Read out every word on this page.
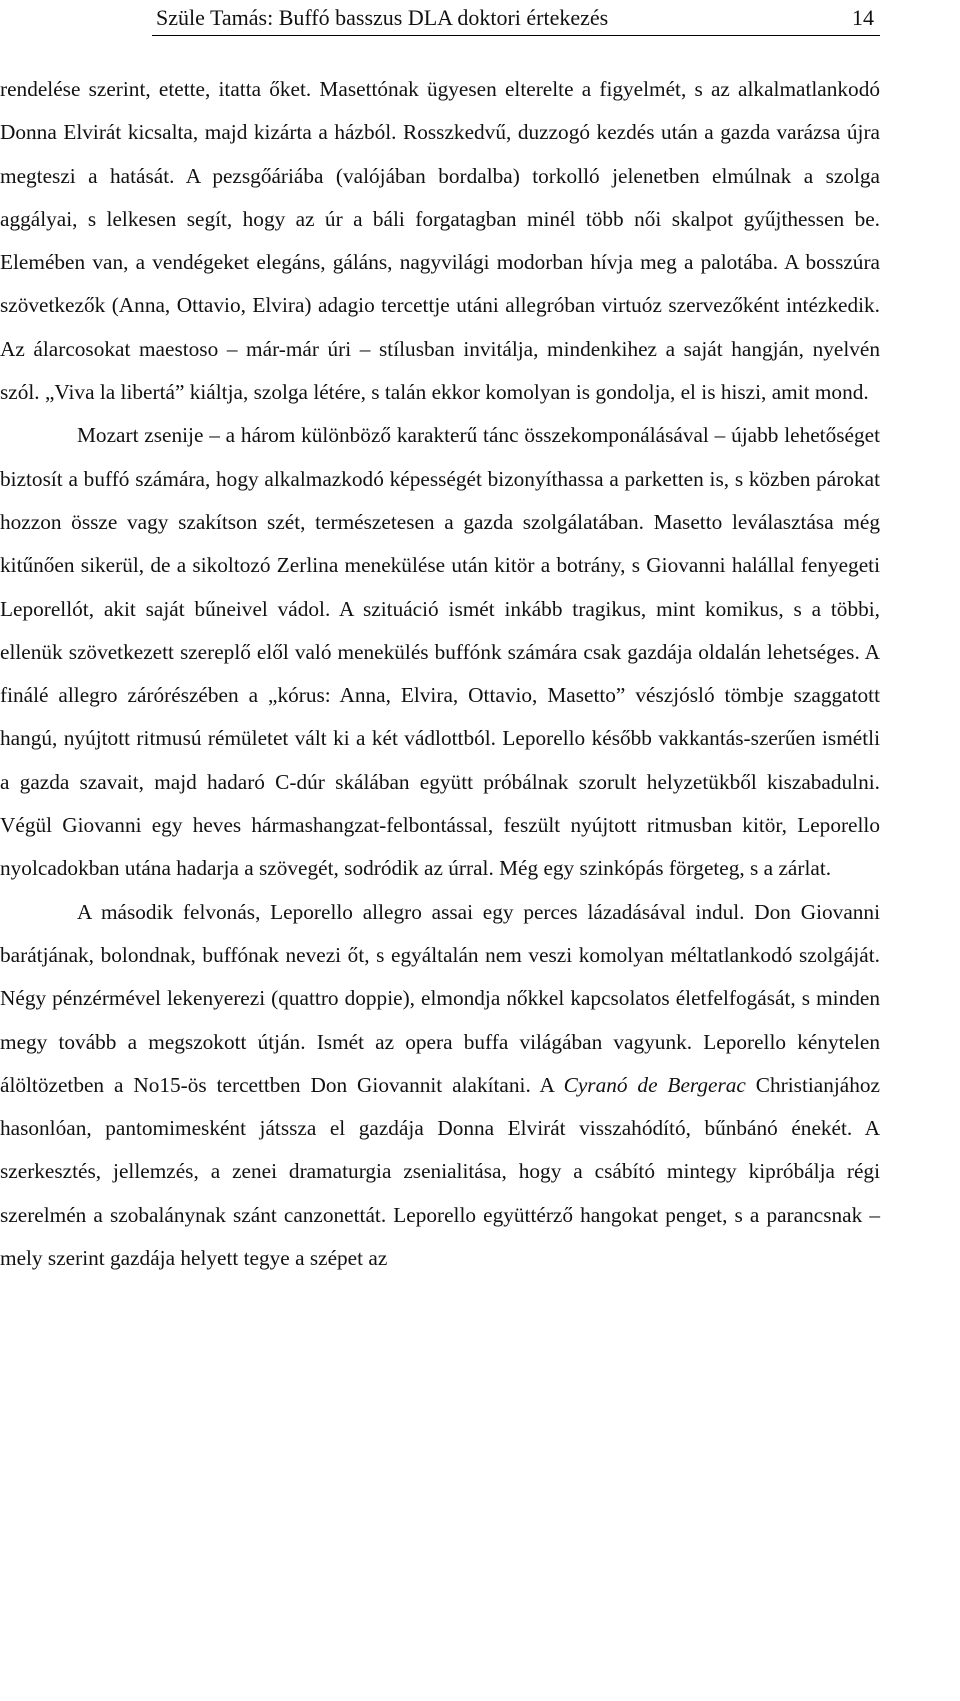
Szüle Tamás: Buffó basszus DLA doktori értekezés	14

rendelése szerint, etette, itatta őket. Masettónak ügyesen elterelte a figyelmét, s az alkalmatlankodó Donna Elvirát kicsalta, majd kizárta a házból. Rosszkedvű, duzzogó kezdés után a gazda varázsa újra megteszi a hatását. A pezsgőáriába (valójában bordalba) torkolló jelenetben elmúlnak a szolga aggályai, s lelkesen segít, hogy az úr a báli forgatagban minél több női skalpot gyűjthessen be. Elemében van, a vendégeket elegáns, gáláns, nagyvilági modorban hívja meg a palotába. A bosszúra szövetkezők (Anna, Ottavio, Elvira) adagio tercettje utáni allegróban virtuóz szervezőként intézkedik. Az álarcosokat maestoso – már-már úri – stílusban invitálja, mindenkihez a saját hangján, nyelvén szól. „Viva la libertá” kiáltja, szolga létére, s talán ekkor komolyan is gondolja, el is hiszi, amit mond.

Mozart zsenije – a három különböző karakterű tánc összekomponálásával – újabb lehetőséget biztosít a buffó számára, hogy alkalmazkodó képességét bizonyíthassa a parketten is, s közben párokat hozzon össze vagy szakítson szét, természetesen a gazda szolgálatában. Masetto leválasztása még kitűnően sikerül, de a sikoltozó Zerlina menekülése után kitör a botrány, s Giovanni halállal fenyegeti Leporellót, akit saját bűneivel vádol. A szituáció ismét inkább tragikus, mint komikus, s a többi, ellenük szövetkezett szereplő elől való menekülés buffónk számára csak gazdája oldalán lehetséges. A finálé allegro zárórészében a „kórus: Anna, Elvira, Ottavio, Masetto” vészjósló tömbje szaggatott hangú, nyújtott ritmusú rémületet vált ki a két vádlottból. Leporello később vakkantás-szerűen ismétli a gazda szavait, majd hadaró C-dúr skálában együtt próbálnak szorult helyzetükből kiszabadulni. Végül Giovanni egy heves hármashangzat-felbontással, feszült nyújtott ritmusban kitör, Leporello nyolcadokban utána hadarja a szövegét, sodródik az úrral. Még egy szinkópás förgeteg, s a zárlat.

A második felvonás, Leporello allegro assai egy perces lázadásával indul. Don Giovanni barátjának, bolondnak, buffónak nevezi őt, s egyáltalán nem veszi komolyan méltatlankodó szolgáját. Négy pénzérmével lekenyerezi (quattro doppie), elmondja nőkkel kapcsolatos életfelfogását, s minden megy tovább a megszokott útján. Ismét az opera buffa világában vagyunk. Leporello kénytelen álöltözetben a No15-ös tercettben Don Giovannit alakítani. A Cyranó de Bergerac Christianjához hasonlóan, pantomimesként játssza el gazdája Donna Elvirát visszahódító, bűnbánó énekét. A szerkesztés, jellemzés, a zenei dramaturgia zsenialitása, hogy a csábító mintegy kipróbálja régi szerelmén a szobalánynak szánt canzonettát. Leporello együttérző hangokat penget, s a parancsnak – mely szerint gazdája helyett tegye a szépet az
